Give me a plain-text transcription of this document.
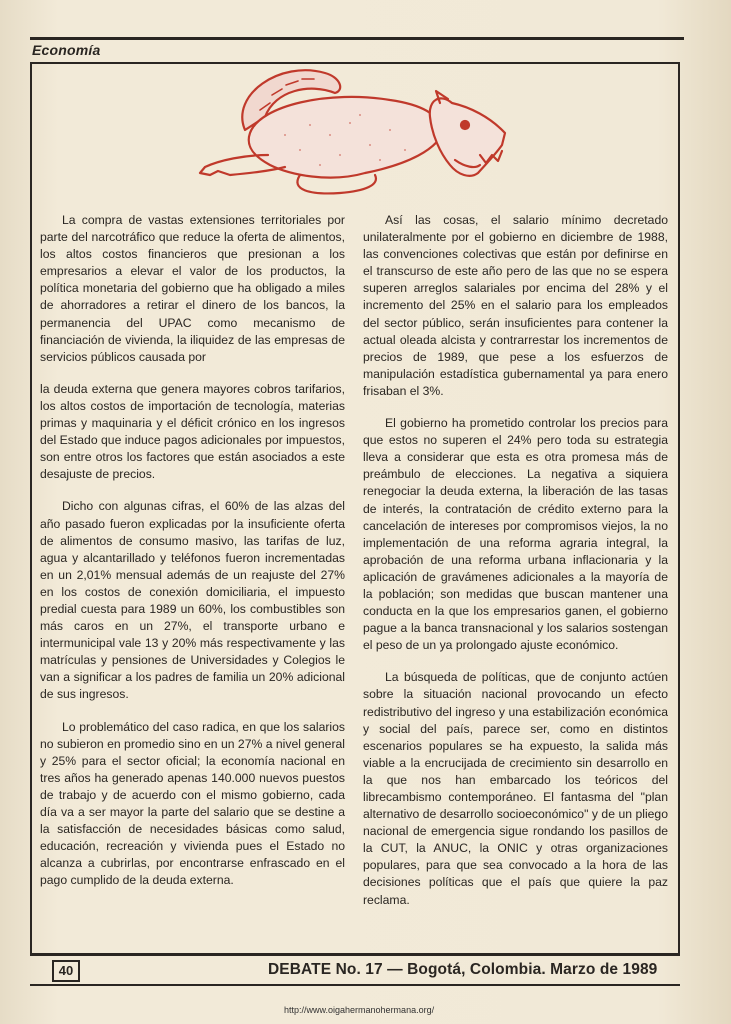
Economía

La compra de vastas extensiones territoriales por parte del narcotráfico que reduce la oferta de alimentos, los altos costos financieros que presionan a los empresarios a elevar el valor de los productos, la política monetaria del gobierno que ha obligado a miles de ahorradores a retirar el dinero de los bancos, la permanencia del UPAC como mecanismo de financiación de vivienda, la iliquidez de las empresas de servicios públicos causada por

la deuda externa que genera mayores cobros tarifarios, los altos costos de importación de tecnología, materias primas y maquinaria y el déficit crónico en los ingresos del Estado que induce pagos adicionales por impuestos, son entre otros los factores que están asociados a este desajuste de precios.

Dicho con algunas cifras, el 60% de las alzas del año pasado fueron explicadas por la insuficiente oferta de alimentos de consumo masivo, las tarifas de luz, agua y alcantarillado y teléfonos fueron incrementadas en un 2,01% mensual además de un reajuste del 27% en los costos de conexión domiciliaria, el impuesto predial cuesta para 1989 un 60%, los combustibles son más caros en un 27%, el transporte urbano e intermunicipal vale 13 y 20% más respectivamente y las matrículas y pensiones de Universidades y Colegios le van a significar a los padres de familia un 20% adicional de sus ingresos.

Lo problemático del caso radica, en que los salarios no subieron en promedio sino en un 27% a nivel general y 25% para el sector oficial; la economía nacional en tres años ha generado apenas 140.000 nuevos puestos de trabajo y de acuerdo con el mismo gobierno, cada día va a ser mayor la parte del salario que se destine a la satisfacción de necesidades básicas como salud, educación, recreación y vivienda pues el Estado no alcanza a cubrirlas, por encontrarse enfrascado en el pago cumplido de la deuda externa.

Así las cosas, el salario mínimo decretado unilateralmente por el gobierno en diciembre de 1988, las convenciones colectivas que están por definirse en el transcurso de este año pero de las que no se espera superen arreglos salariales por encima del 28% y el incremento del 25% en el salario para los empleados del sector público, serán insuficientes para contener la actual oleada alcista y contrarrestar los incrementos de precios de 1989, que pese a los esfuerzos de manipulación estadística gubernamental ya para enero frisaban el 3%.

El gobierno ha prometido controlar los precios para que estos no superen el 24% pero toda su estrategia lleva a considerar que esta es otra promesa más de preámbulo de elecciones. La negativa a siquiera renegociar la deuda externa, la liberación de las tasas de interés, la contratación de crédito externo para la cancelación de intereses por compromisos viejos, la no implementación de una reforma agraria integral, la aprobación de una reforma urbana inflacionaria y la aplicación de gravámenes adicionales a la mayoría de la población; son medidas que buscan mantener una conducta en la que los empresarios ganen, el gobierno pague a la banca transnacional y los salarios sostengan el peso de un ya prolongado ajuste económico.

La búsqueda de políticas, que de conjunto actúen sobre la situación nacional provocando un efecto redistributivo del ingreso y una estabilización económica y social del país, parece ser, como en distintos escenarios populares se ha expuesto, la salida más viable a la encrucijada de crecimiento sin desarrollo en la que nos han embarcado los teóricos del librecambismo contemporáneo. El fantasma del "plan alternativo de desarrollo socioeconómico" y de un pliego nacional de emergencia sigue rondando los pasillos de la CUT, la ANUC, la ONIC y otras organizaciones populares, para que sea convocado a la hora de las decisiones políticas que el país que quiere la paz reclama.

40	DEBATE No. 17 — Bogotá, Colombia. Marzo de 1989
http://www.oigahermanohermana.org/
